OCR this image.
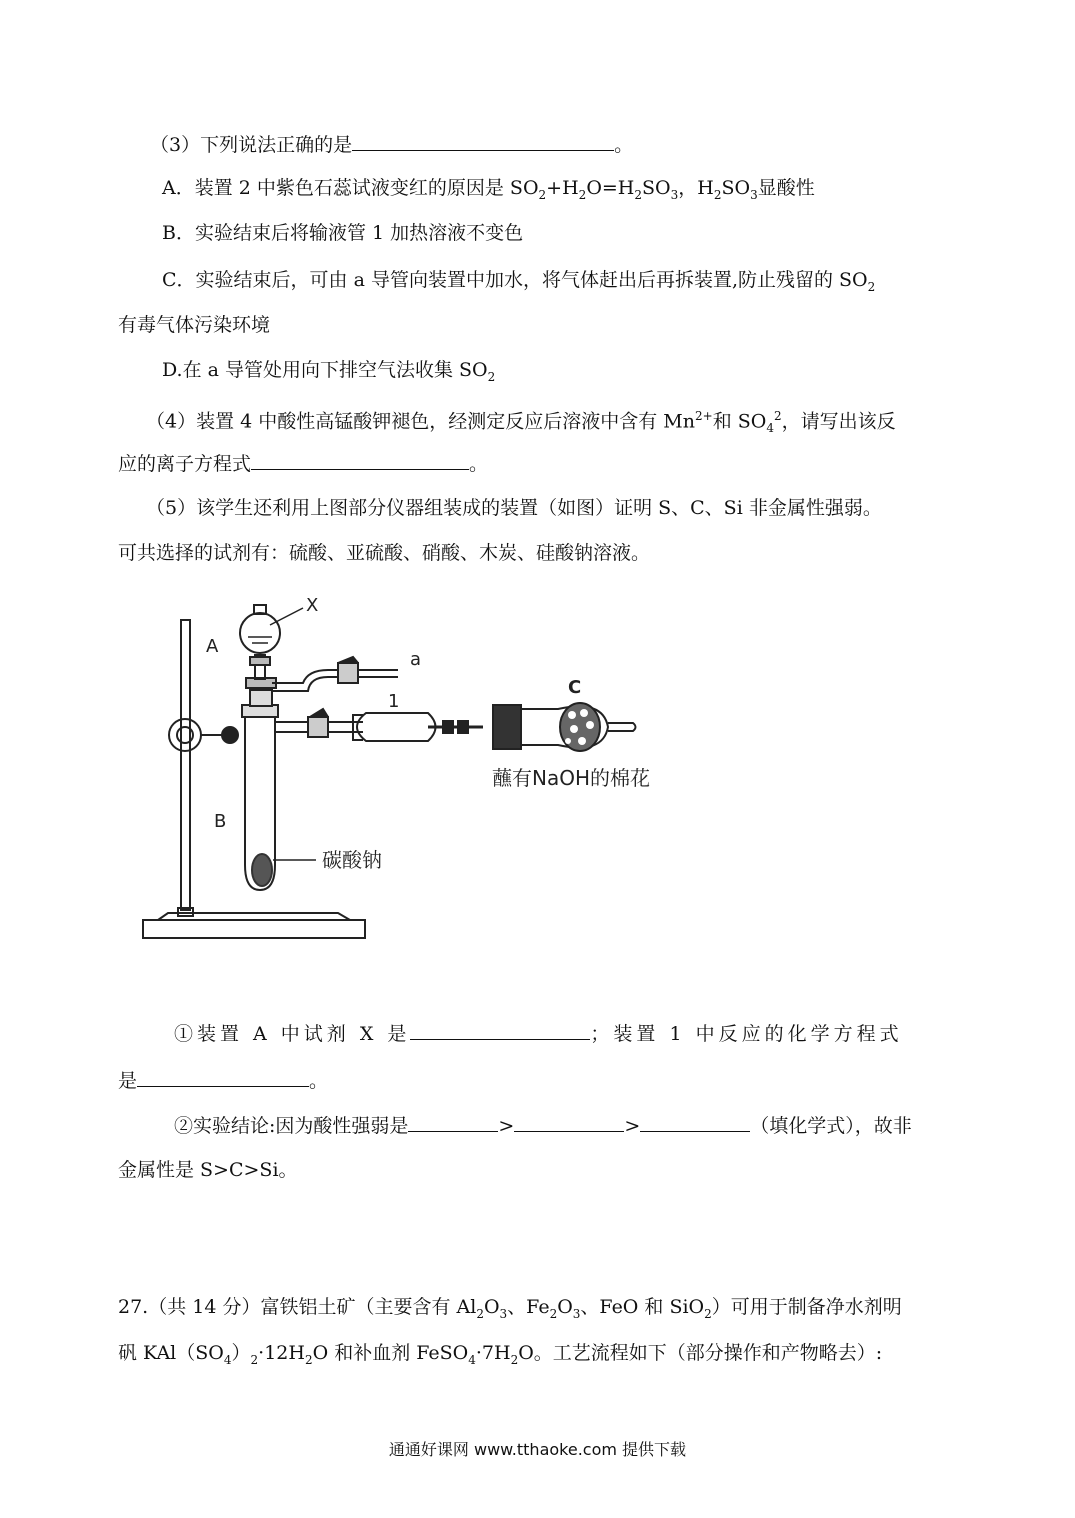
（3）下列说法正确的是	。
A．装置 2 中紫色石蕊试液变红的原因是 $SO_2+H_2O=H_2SO_3$，$H_2SO_3$显酸性
B．实验结束后将输液管 1 加热溶液不变色
C．实验结束后，可由 a 导管向装置中加水，将气体赶出后再拆装置,防止残留的 $SO_2$
有毒气体污染环境
D.在 a 导管处用向下排空气法收集 $SO_2$
（4）装置 4 中酸性高锰酸钾褪色，经测定反应后溶液中含有 $Mn^{2+}$和 $SO_4^2$，请写出该反
应的离子方程式	。
（5）该学生还利用上图部分仪器组装成的装置（如图）证明 S、C、Si 非金属性强弱。
可共选择的试剂有：硫酸、亚硫酸、硝酸、木炭、硅酸钠溶液。
X
A
a
1
C
B
蘸有NaOH的棉花
碳酸钠
①装置 A 中试剂 X 是	；装置 1 中反应的化学方程式
是	。
②实验结论:因为酸性强弱是	>	>	（填化学式），故非
金属性是 S>C>Si。
27.（共 14 分）富铁铝土矿（主要含有 $Al_2O_3$、$Fe_2O_3$、FeO 和 SiO$_2$）可用于制备净水剂明
矾 $KAl(SO_4)_2\cdot 12H_2O$ 和补血剂 $FeSO_4\cdot 7H_2O$。工艺流程如下（部分操作和产物略去）:
通通好课网 www.tthaoke.com 提供下载
